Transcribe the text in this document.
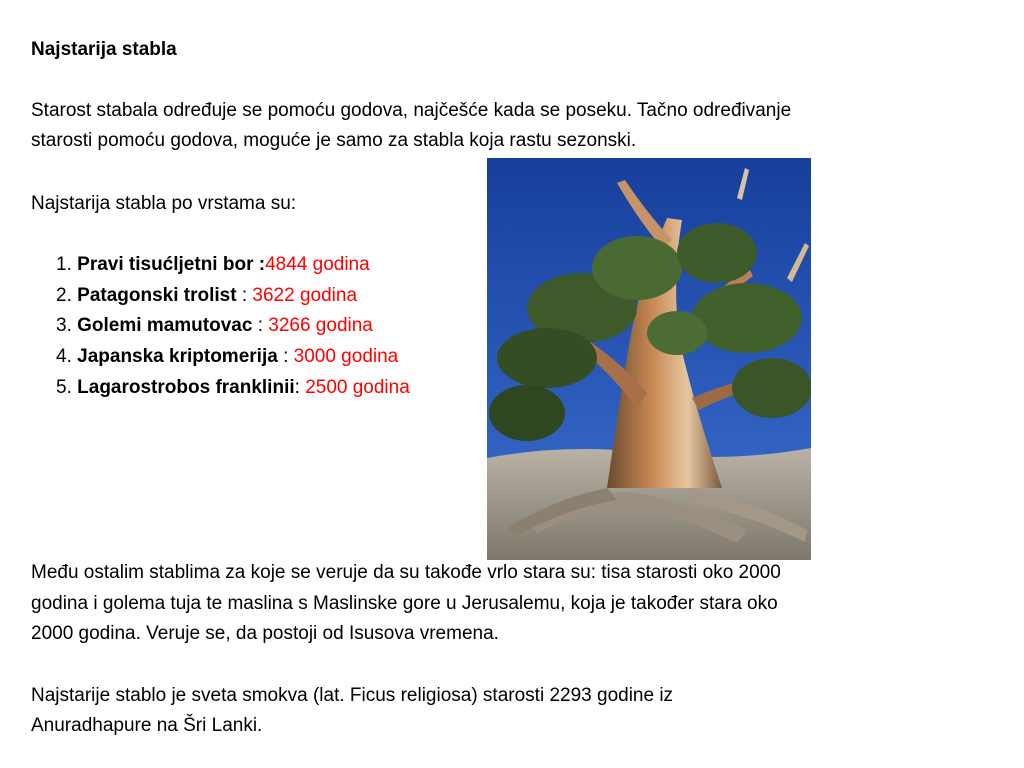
Najstarija stabla
Starost stabala određuje se pomoću godova, najčešće kada se poseku. Tačno određivanje
starosti pomoću godova, moguće je samo za stabla koja rastu sezonski.
Najstarija stabla po vrstama su:
1. Pravi tisućljetni bor :4844 godina
2. Patagonski trolist : 3622 godina
3. Golemi mamutovac : 3266 godina
4. Japanska kriptomerija : 3000 godina
5. Lagarostrobos franklinii: 2500 godina
Među ostalim stablima za koje se veruje da su takođe vrlo stara su: tisa starosti oko 2000
godina i golema tuja te maslina s Maslinske gore u Jerusalemu, koja je također stara oko
2000 godina. Veruje se, da postoji od Isusova vremena.
Najstarije stablo je sveta smokva (lat. Ficus religiosa) starosti 2293 godine iz
Anuradhapure na Šri Lanki.
